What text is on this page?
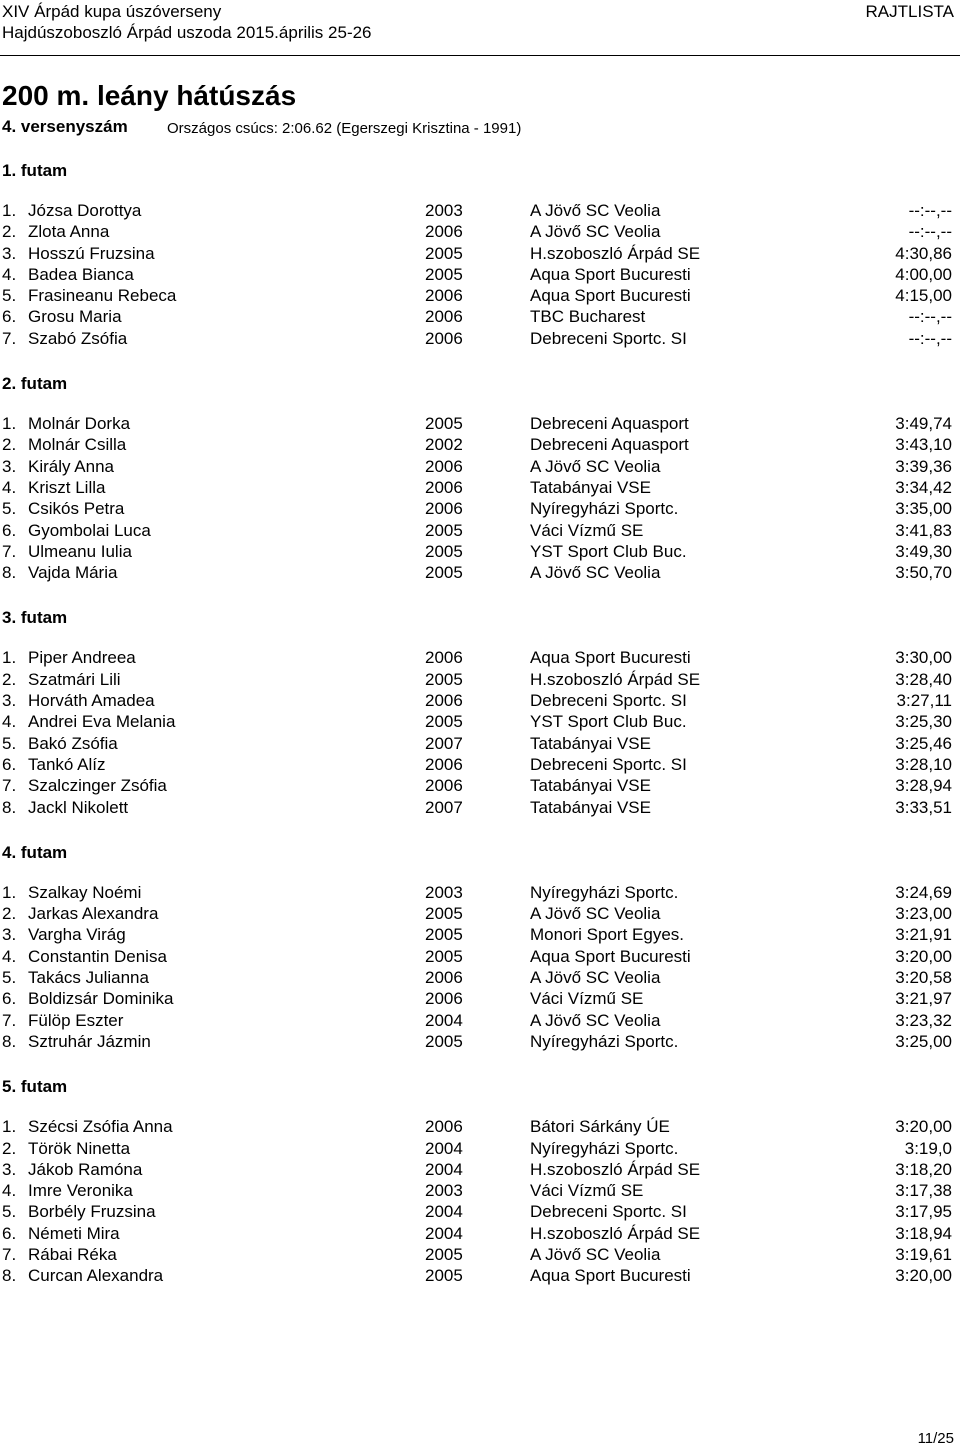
XIV Árpád kupa úszóverseny
Hajdúszoboszló Árpád uszoda 2015.április 25-26
RAJTLISTA
200 m. leány hátúszás
4. versenyszám	Országos csúcs: 2:06.62 (Egerszegi Krisztina - 1991)
1. futam
1. Józsa Dorottya	2003	A Jövő SC Veolia	--:--,--
2. Zlota Anna	2006	A Jövő SC Veolia	--:--,--
3. Hosszú Fruzsina	2005	H.szoboszló Árpád SE	4:30,86
4. Badea Bianca	2005	Aqua Sport Bucuresti	4:00,00
5. Frasineanu Rebeca	2006	Aqua Sport Bucuresti	4:15,00
6. Grosu Maria	2006	TBC Bucharest	--:--,--
7. Szabó Zsófia	2006	Debreceni Sportc. SI	--:--,--
2. futam
1. Molnár Dorka	2005	Debreceni Aquasport	3:49,74
2. Molnár Csilla	2002	Debreceni Aquasport	3:43,10
3. Király Anna	2006	A Jövő SC Veolia	3:39,36
4. Kriszt Lilla	2006	Tatabányai VSE	3:34,42
5. Csikós Petra	2006	Nyíregyházi Sportc.	3:35,00
6. Gyombolai Luca	2005	Váci Vízmű SE	3:41,83
7. Ulmeanu Iulia	2005	YST Sport Club Buc.	3:49,30
8. Vajda Mária	2005	A Jövő SC Veolia	3:50,70
3. futam
1. Piper Andreea	2006	Aqua Sport Bucuresti	3:30,00
2. Szatmári Lili	2005	H.szoboszló Árpád SE	3:28,40
3. Horváth Amadea	2006	Debreceni Sportc. SI	3:27,11
4. Andrei Eva Melania	2005	YST Sport Club Buc.	3:25,30
5. Bakó Zsófia	2007	Tatabányai VSE	3:25,46
6. Tankó Alíz	2006	Debreceni Sportc. SI	3:28,10
7. Szalczinger Zsófia	2006	Tatabányai VSE	3:28,94
8. Jackl Nikolett	2007	Tatabányai VSE	3:33,51
4. futam
1. Szalkay Noémi	2003	Nyíregyházi Sportc.	3:24,69
2. Jarkas Alexandra	2005	A Jövő SC Veolia	3:23,00
3. Vargha Virág	2005	Monori Sport Egyes.	3:21,91
4. Constantin Denisa	2005	Aqua Sport Bucuresti	3:20,00
5. Takács Julianna	2006	A Jövő SC Veolia	3:20,58
6. Boldizsár Dominika	2006	Váci Vízmű SE	3:21,97
7. Fülöp Eszter	2004	A Jövő SC Veolia	3:23,32
8. Sztruhár Jázmin	2005	Nyíregyházi Sportc.	3:25,00
5. futam
1. Szécsi Zsófia Anna	2006	Bátori Sárkány ÚE	3:20,00
2. Török Ninetta	2004	Nyíregyházi Sportc.	3:19,0
3. Jákob Ramóna	2004	H.szoboszló Árpád SE	3:18,20
4. Imre Veronika	2003	Váci Vízmű SE	3:17,38
5. Borbély Fruzsina	2004	Debreceni Sportc. SI	3:17,95
6. Németi Mira	2004	H.szoboszló Árpád SE	3:18,94
7. Rábai Réka	2005	A Jövő SC Veolia	3:19,61
8. Curcan Alexandra	2005	Aqua Sport Bucuresti	3:20,00
11/25
